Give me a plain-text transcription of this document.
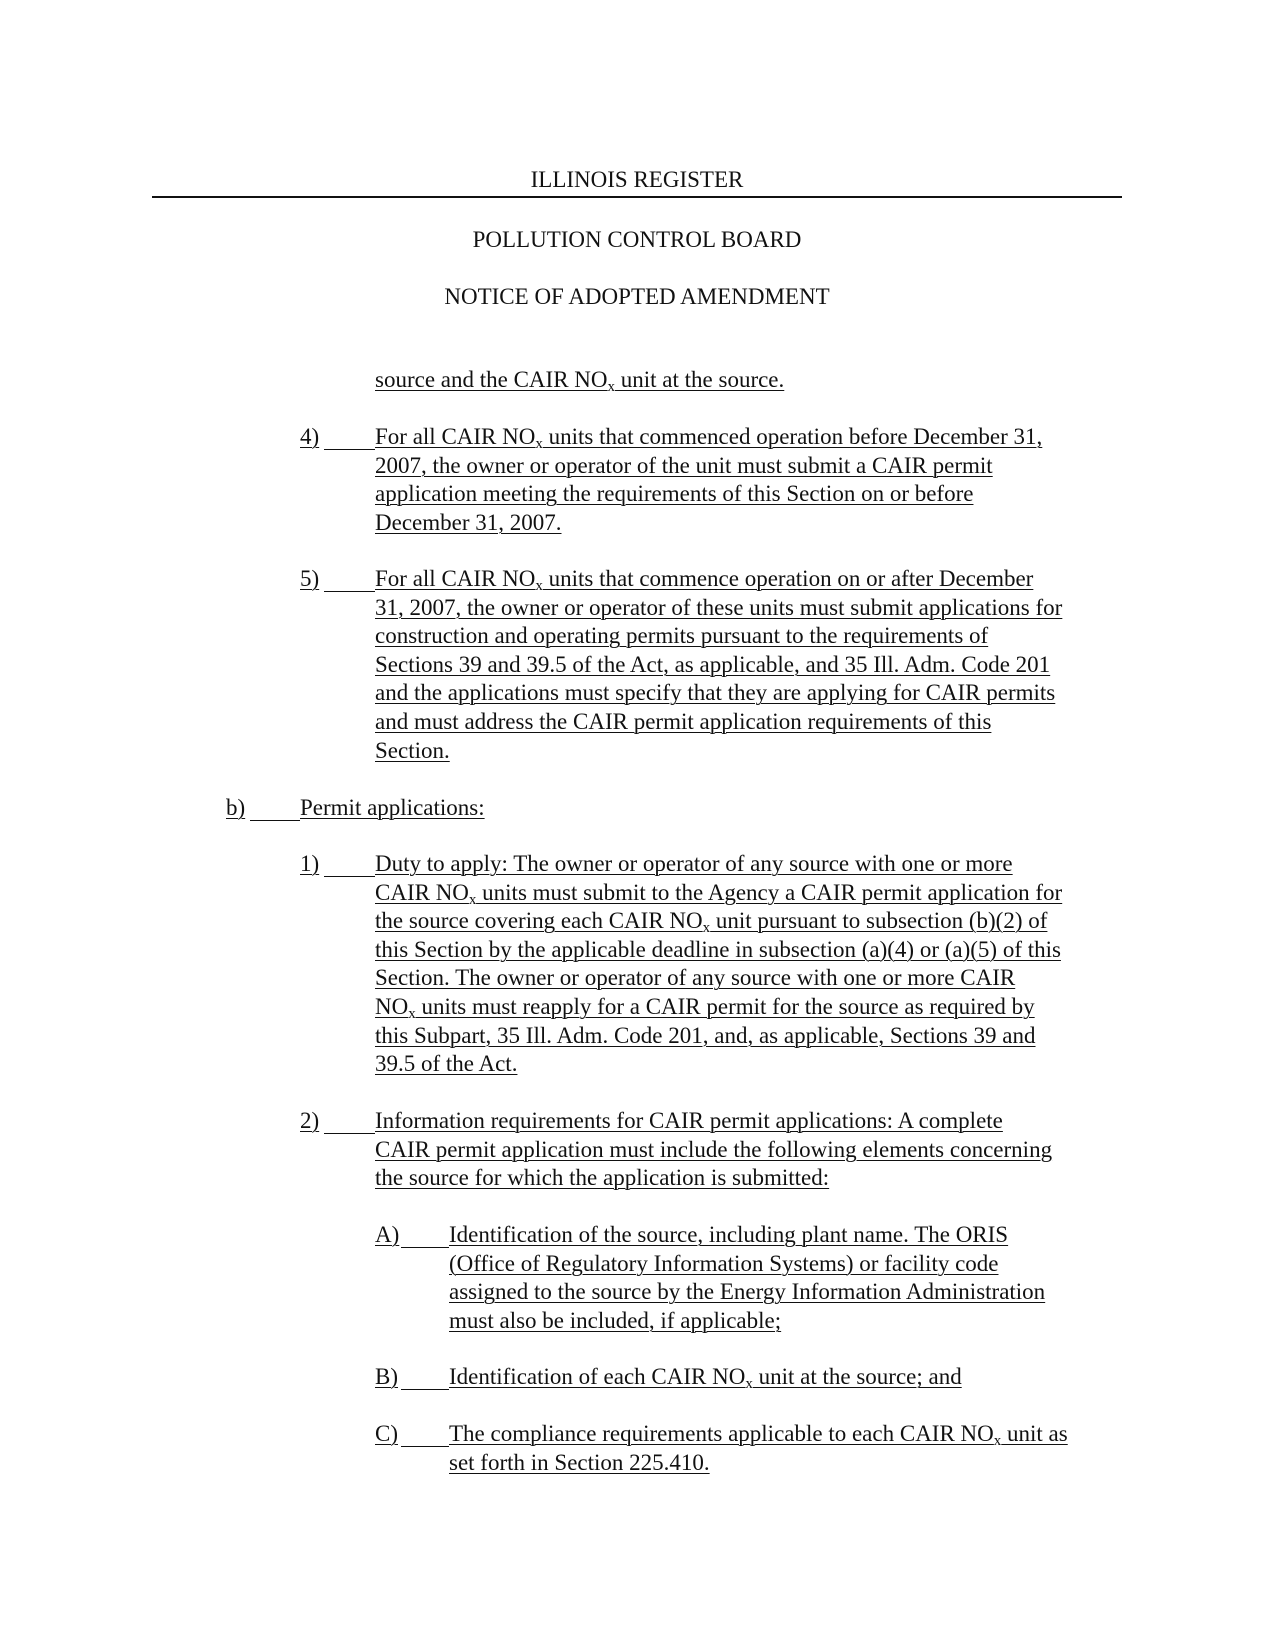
ILLINOIS REGISTER
POLLUTION CONTROL BOARD
NOTICE OF ADOPTED AMENDMENT
source and the CAIR $NO_x$ unit at the source.
4) For all CAIR $NO_x$ units that commenced operation before December 31,
2007, the owner or operator of the unit must submit a CAIR permit
application meeting the requirements of this Section on or before
December 31, 2007.
5) For all CAIR $NO_x$ units that commence operation on or after December
31, 2007, the owner or operator of these units must submit applications for
construction and operating permits pursuant to the requirements of
Sections 39 and 39.5 of the Act, as applicable, and 35 Ill. Adm. Code 201
and the applications must specify that they are applying for CAIR permits
and must address the CAIR permit application requirements of this
Section.
b) Permit applications:
1) Duty to apply: The owner or operator of any source with one or more
CAIR $NO_x$ units must submit to the Agency a CAIR permit application for
the source covering each CAIR $NO_x$ unit pursuant to subsection (b)(2) of
this Section by the applicable deadline in subsection (a)(4) or (a)(5) of this
Section. The owner or operator of any source with one or more CAIR
$NO_x$ units must reapply for a CAIR permit for the source as required by
this Subpart, 35 Ill. Adm. Code 201, and, as applicable, Sections 39 and
39.5 of the Act.
2) Information requirements for CAIR permit applications: A complete
CAIR permit application must include the following elements concerning
the source for which the application is submitted:
A) Identification of the source, including plant name. The ORIS
(Office of Regulatory Information Systems) or facility code
assigned to the source by the Energy Information Administration
must also be included, if applicable;
B) Identification of each CAIR $NO_x$ unit at the source; and
C) The compliance requirements applicable to each CAIR $NO_x$ unit as
set forth in Section 225.410.
